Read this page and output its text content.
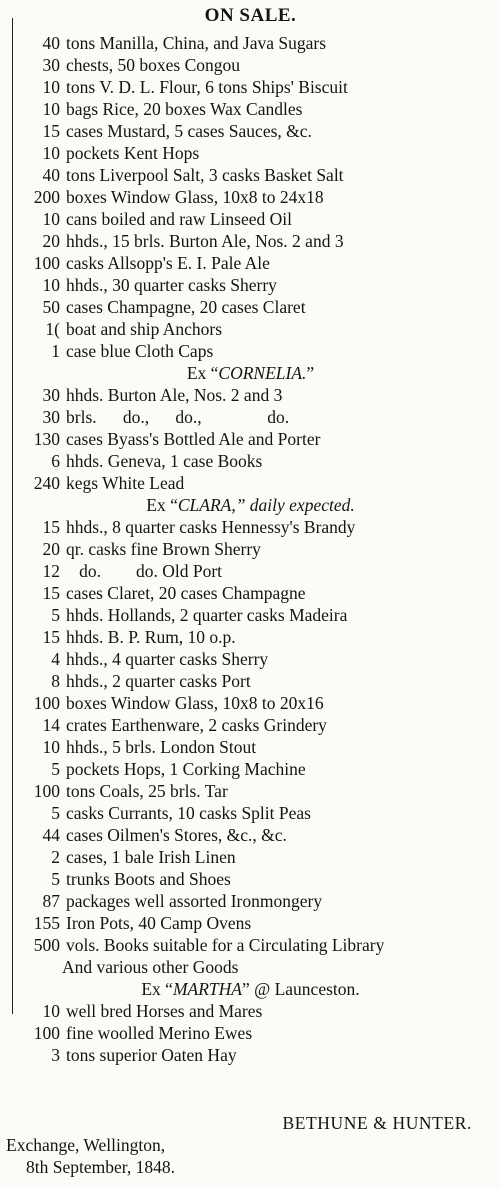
ON SALE.
40 tons Manilla, China, and Java Sugars
30 chests, 50 boxes Congou
10 tons V. D. L. Flour, 6 tons Ships' Biscuit
10 bags Rice, 20 boxes Wax Candles
15 cases Mustard, 5 cases Sauces, &c.
10 pockets Kent Hops
40 tons Liverpool Salt, 3 casks Basket Salt
200 boxes Window Glass, 10x8 to 24x18
10 cans boiled and raw Linseed Oil
20 hhds., 15 brls. Burton Ale, Nos. 2 and 3
100 casks Allsopp's E. I. Pale Ale
10 hhds., 30 quarter casks Sherry
50 cases Champagne, 20 cases Claret
1( boat and ship Anchors
1 case blue Cloth Caps
Ex “CORNELIA.”
30 hhds. Burton Ale, Nos. 2 and 3
30 brls.      do.,      do.,               do.
130 cases Byass's Bottled Ale and Porter
6 hhds. Geneva, 1 case Books
240 kegs White Lead
Ex “CLARA,” daily expected.
15 hhds., 8 quarter casks Hennessy's Brandy
20 qr. casks fine Brown Sherry
12   do.        do. Old Port
15 cases Claret, 20 cases Champagne
5 hhds. Hollands, 2 quarter casks Madeira
15 hhds. B. P. Rum, 10 o.p.
4 hhds., 4 quarter casks Sherry
8 hhds., 2 quarter casks Port
100 boxes Window Glass, 10x8 to 20x16
14 crates Earthenware, 2 casks Grindery
10 hhds., 5 brls. London Stout
5 pockets Hops, 1 Corking Machine
100 tons Coals, 25 brls. Tar
5 casks Currants, 10 casks Split Peas
44 cases Oilmen's Stores, &c., &c.
2 cases, 1 bale Irish Linen
5 trunks Boots and Shoes
87 packages well assorted Ironmongery
155 Iron Pots, 40 Camp Ovens
500 vols. Books suitable for a Circulating Library
And various other Goods
Ex “MARTHA” @ Launceston.
10 well bred Horses and Mares
100 fine woolled Merino Ewes
3 tons superior Oaten Hay
BETHUNE & HUNTER.
Exchange, Wellington,
8th September, 1848.
